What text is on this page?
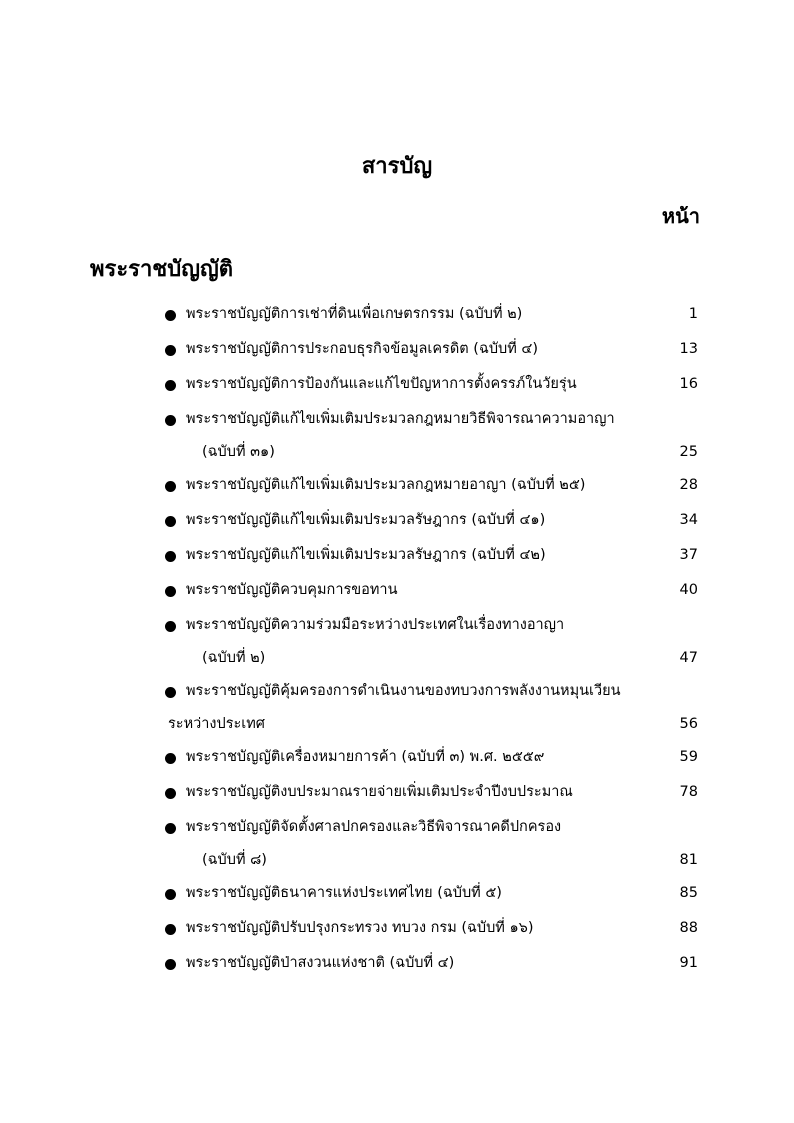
สารบัญ
หน้า
พระราชบัญญัติ
พระราชบัญญัติการเช่าที่ดินเพื่อเกษตรกรรม (ฉบับที่ ๒)	1
พระราชบัญญัติการประกอบธุรกิจข้อมูลเครดิต (ฉบับที่ ๔)	13
พระราชบัญญัติการป้องกันและแก้ไขปัญหาการตั้งครรภ์ในวัยรุ่น	16
พระราชบัญญัติแก้ไขเพิ่มเติมประมวลกฎหมายวิธีพิจารณาความอาญา
(ฉบับที่ ๓๑)	25
พระราชบัญญัติแก้ไขเพิ่มเติมประมวลกฎหมายอาญา (ฉบับที่ ๒๕)	28
พระราชบัญญัติแก้ไขเพิ่มเติมประมวลรัษฎากร (ฉบับที่ ๔๑)	34
พระราชบัญญัติแก้ไขเพิ่มเติมประมวลรัษฎากร (ฉบับที่ ๔๒)	37
พระราชบัญญัติควบคุมการขอทาน	40
พระราชบัญญัติความร่วมมือระหว่างประเทศในเรื่องทางอาญา
(ฉบับที่ ๒)	47
พระราชบัญญัติคุ้มครองการดำเนินงานของทบวงการพลังงานหมุนเวียน
ระหว่างประเทศ	56
พระราชบัญญัติเครื่องหมายการค้า (ฉบับที่ ๓) พ.ศ. ๒๕๕๙	59
พระราชบัญญัติงบประมาณรายจ่ายเพิ่มเติมประจำปีงบประมาณ	78
พระราชบัญญัติจัดตั้งศาลปกครองและวิธีพิจารณาคดีปกครอง
(ฉบับที่ ๘)	81
พระราชบัญญัติธนาคารแห่งประเทศไทย (ฉบับที่ ๕)	85
พระราชบัญญัติปรับปรุงกระทรวง ทบวง กรม (ฉบับที่ ๑๖)	88
พระราชบัญญัติป่าสงวนแห่งชาติ (ฉบับที่ ๔)	91
